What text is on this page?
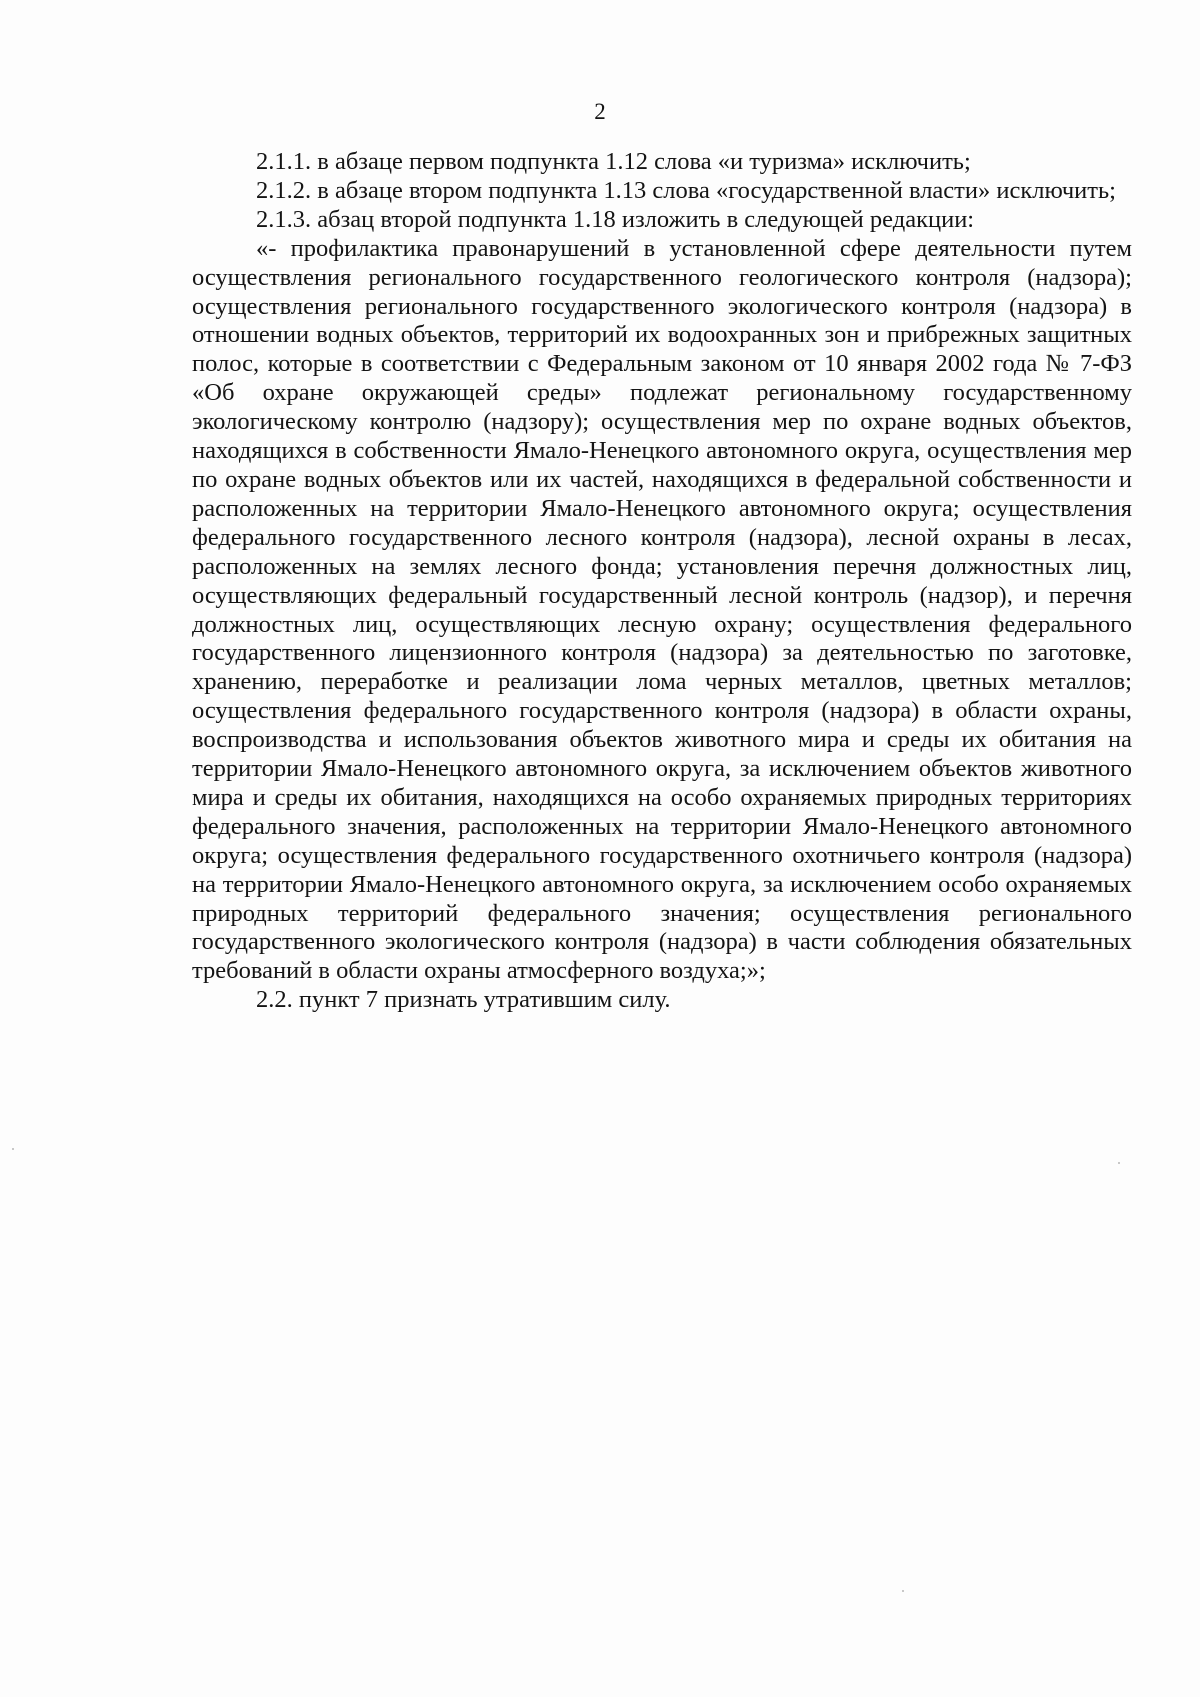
2

2.1.1. в абзаце первом подпункта 1.12 слова «и туризма» исключить;

2.1.2. в абзаце втором подпункта 1.13 слова «государственной власти» исключить;

2.1.3. абзац второй подпункта 1.18 изложить в следующей редакции:

«- профилактика правонарушений в установленной сфере деятельности путем осуществления регионального государственного геологического контроля (надзора); осуществления регионального государственного экологического контроля (надзора) в отношении водных объектов, территорий их водоохранных зон и прибрежных защитных полос, которые в соответствии с Федеральным законом от 10 января 2002 года № 7-ФЗ «Об охране окружающей среды» подлежат региональному государственному экологическому контролю (надзору); осуществления мер по охране водных объектов, находящихся в собственности Ямало-Ненецкого автономного округа, осуществления мер по охране водных объектов или их частей, находящихся в федеральной собственности и расположенных на территории Ямало-Ненецкого автономного округа; осуществления федерального государственного лесного контроля (надзора), лесной охраны в лесах, расположенных на землях лесного фонда; установления перечня должностных лиц, осуществляющих федеральный государственный лесной контроль (надзор), и перечня должностных лиц, осуществляющих лесную охрану; осуществления федерального государственного лицензионного контроля (надзора) за деятельностью по заготовке, хранению, переработке и реализации лома черных металлов, цветных металлов; осуществления федерального государственного контроля (надзора) в области охраны, воспроизводства и использования объектов животного мира и среды их обитания на территории Ямало-Ненецкого автономного округа, за исключением объектов животного мира и среды их обитания, находящихся на особо охраняемых природных территориях федерального значения, расположенных на территории Ямало-Ненецкого автономного округа; осуществления федерального государственного охотничьего контроля (надзора) на территории Ямало-Ненецкого автономного округа, за исключением особо охраняемых природных территорий федерального значения; осуществления регионального государственного экологического контроля (надзора) в части соблюдения обязательных требований в области охраны атмосферного воздуха;»;

2.2. пункт 7 признать утратившим силу.
